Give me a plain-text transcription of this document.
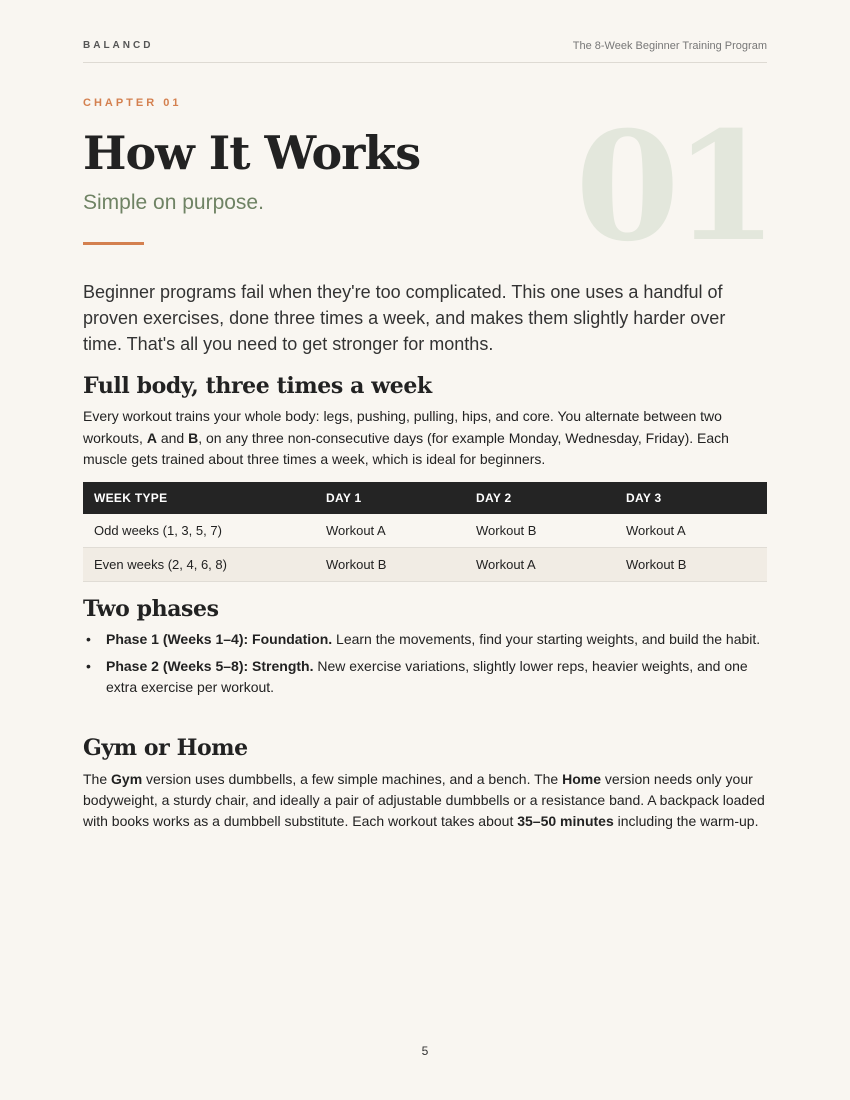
BALANCD	The 8-Week Beginner Training Program
CHAPTER 01	01
How It Works
Simple on purpose.

Beginner programs fail when they're too complicated. This one uses a handful of proven exercises, done three times a week, and makes them slightly harder over time. That's all you need to get stronger for months.

Full body, three times a week

Every workout trains your whole body: legs, pushing, pulling, hips, and core. You alternate between two workouts, A and B, on any three non-consecutive days (for example Monday, Wednesday, Friday). Each muscle gets trained about three times a week, which is ideal for beginners.

WEEK TYPE	DAY 1	DAY 2	DAY 3
Odd weeks (1, 3, 5, 7)	Workout A	Workout B	Workout A
Even weeks (2, 4, 6, 8)	Workout B	Workout A	Workout B
Two phases
• Phase 1 (Weeks 1–4): Foundation. Learn the movements, find your starting weights, and build the habit.
• Phase 2 (Weeks 5–8): Strength. New exercise variations, slightly lower reps, heavier weights, and one extra exercise per workout.
Gym or Home

The Gym version uses dumbbells, a few simple machines, and a bench. The Home version needs only your bodyweight, a sturdy chair, and ideally a pair of adjustable dumbbells or a resistance band. A backpack loaded with books works as a dumbbell substitute. Each workout takes about 35–50 minutes including the warm-up.

5
